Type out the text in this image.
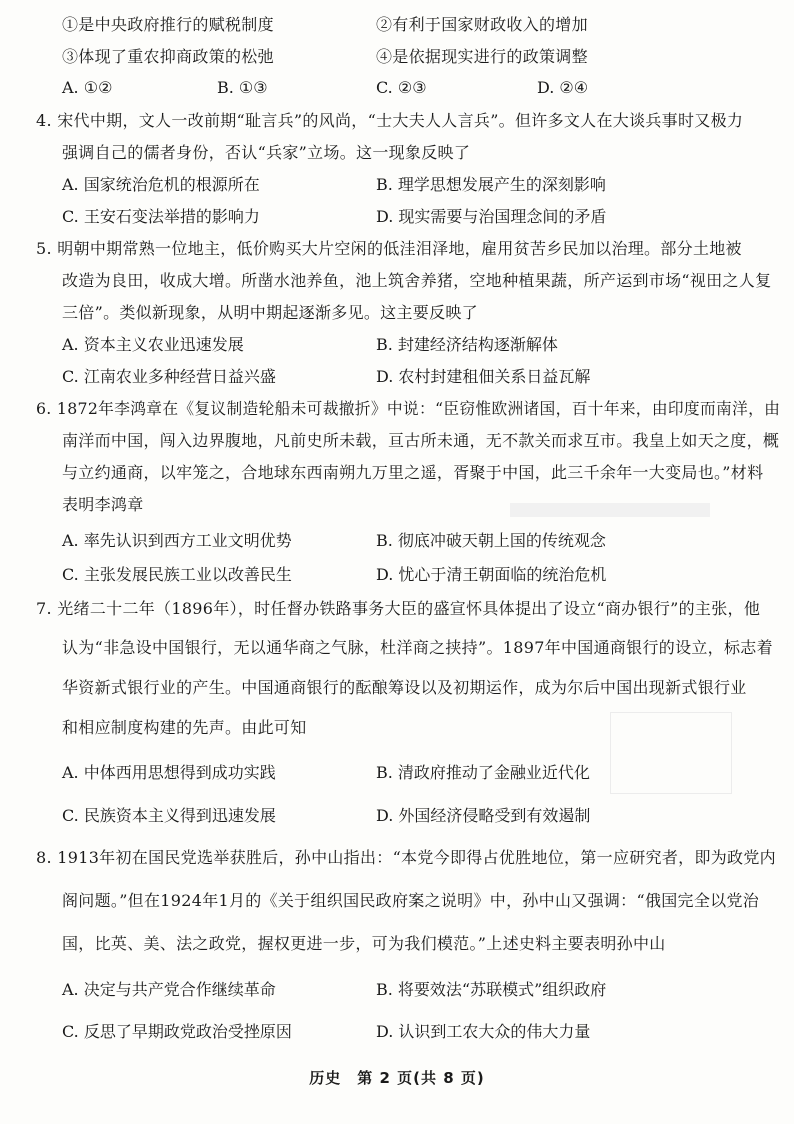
①是中央政府推行的赋税制度	②有利于国家财政收入的增加
③体现了重农抑商政策的松弛	④是依据现实进行的政策调整
A. ①②	B. ①③	C. ②③	D. ②④
4. 宋代中期，文人一改前期“耻言兵”的风尚，“士大夫人人言兵”。但许多文人在大谈兵事时又极力
强调自己的儒者身份，否认“兵家”立场。这一现象反映了
A. 国家统治危机的根源所在	B. 理学思想发展产生的深刻影响
C. 王安石变法举措的影响力	D. 现实需要与治国理念间的矛盾
5. 明朝中期常熟一位地主，低价购买大片空闲的低洼泪泽地，雇用贫苦乡民加以治理。部分土地被
改造为良田，收成大增。所凿水池养鱼，池上筑舍养猪，空地种植果蔬，所产运到市场“视田之人复
三倍”。类似新现象，从明中期起逐渐多见。这主要反映了
A. 资本主义农业迅速发展	B. 封建经济结构逐渐解体
C. 江南农业多种经营日益兴盛	D. 农村封建租佃关系日益瓦解
6. 1872年李鸿章在《复议制造轮船未可裁撤折》中说：“臣窃惟欧洲诸国，百十年来，由印度而南洋，由
南洋而中国，闯入边界腹地，凡前史所未载，亘古所未通，无不款关而求互市。我皇上如天之度，概
与立约通商，以牢笼之，合地球东西南朔九万里之遥，胥聚于中国，此三千余年一大变局也。”材料
表明李鸿章
A. 率先认识到西方工业文明优势	B. 彻底冲破天朝上国的传统观念
C. 主张发展民族工业以改善民生	D. 忧心于清王朝面临的统治危机
7. 光绪二十二年（1896年），时任督办铁路事务大臣的盛宣怀具体提出了设立“商办银行”的主张，他
认为“非急设中国银行，无以通华商之气脉，杜洋商之挟持”。1897年中国通商银行的设立，标志着
华资新式银行业的产生。中国通商银行的酝酿筹设以及初期运作，成为尔后中国出现新式银行业
和相应制度构建的先声。由此可知
A. 中体西用思想得到成功实践	B. 清政府推动了金融业近代化
C. 民族资本主义得到迅速发展	D. 外国经济侵略受到有效遏制
8. 1913年初在国民党选举获胜后，孙中山指出：“本党今即得占优胜地位，第一应研究者，即为政党内
阁问题。”但在1924年1月的《关于组织国民政府案之说明》中，孙中山又强调：“俄国完全以党治
国，比英、美、法之政党，握权更进一步，可为我们模范。”上述史料主要表明孙中山
A. 决定与共产党合作继续革命	B. 将要效法“苏联模式”组织政府
C. 反思了早期政党政治受挫原因	D. 认识到工农大众的伟大力量
历史　第 2 页(共 8 页)
